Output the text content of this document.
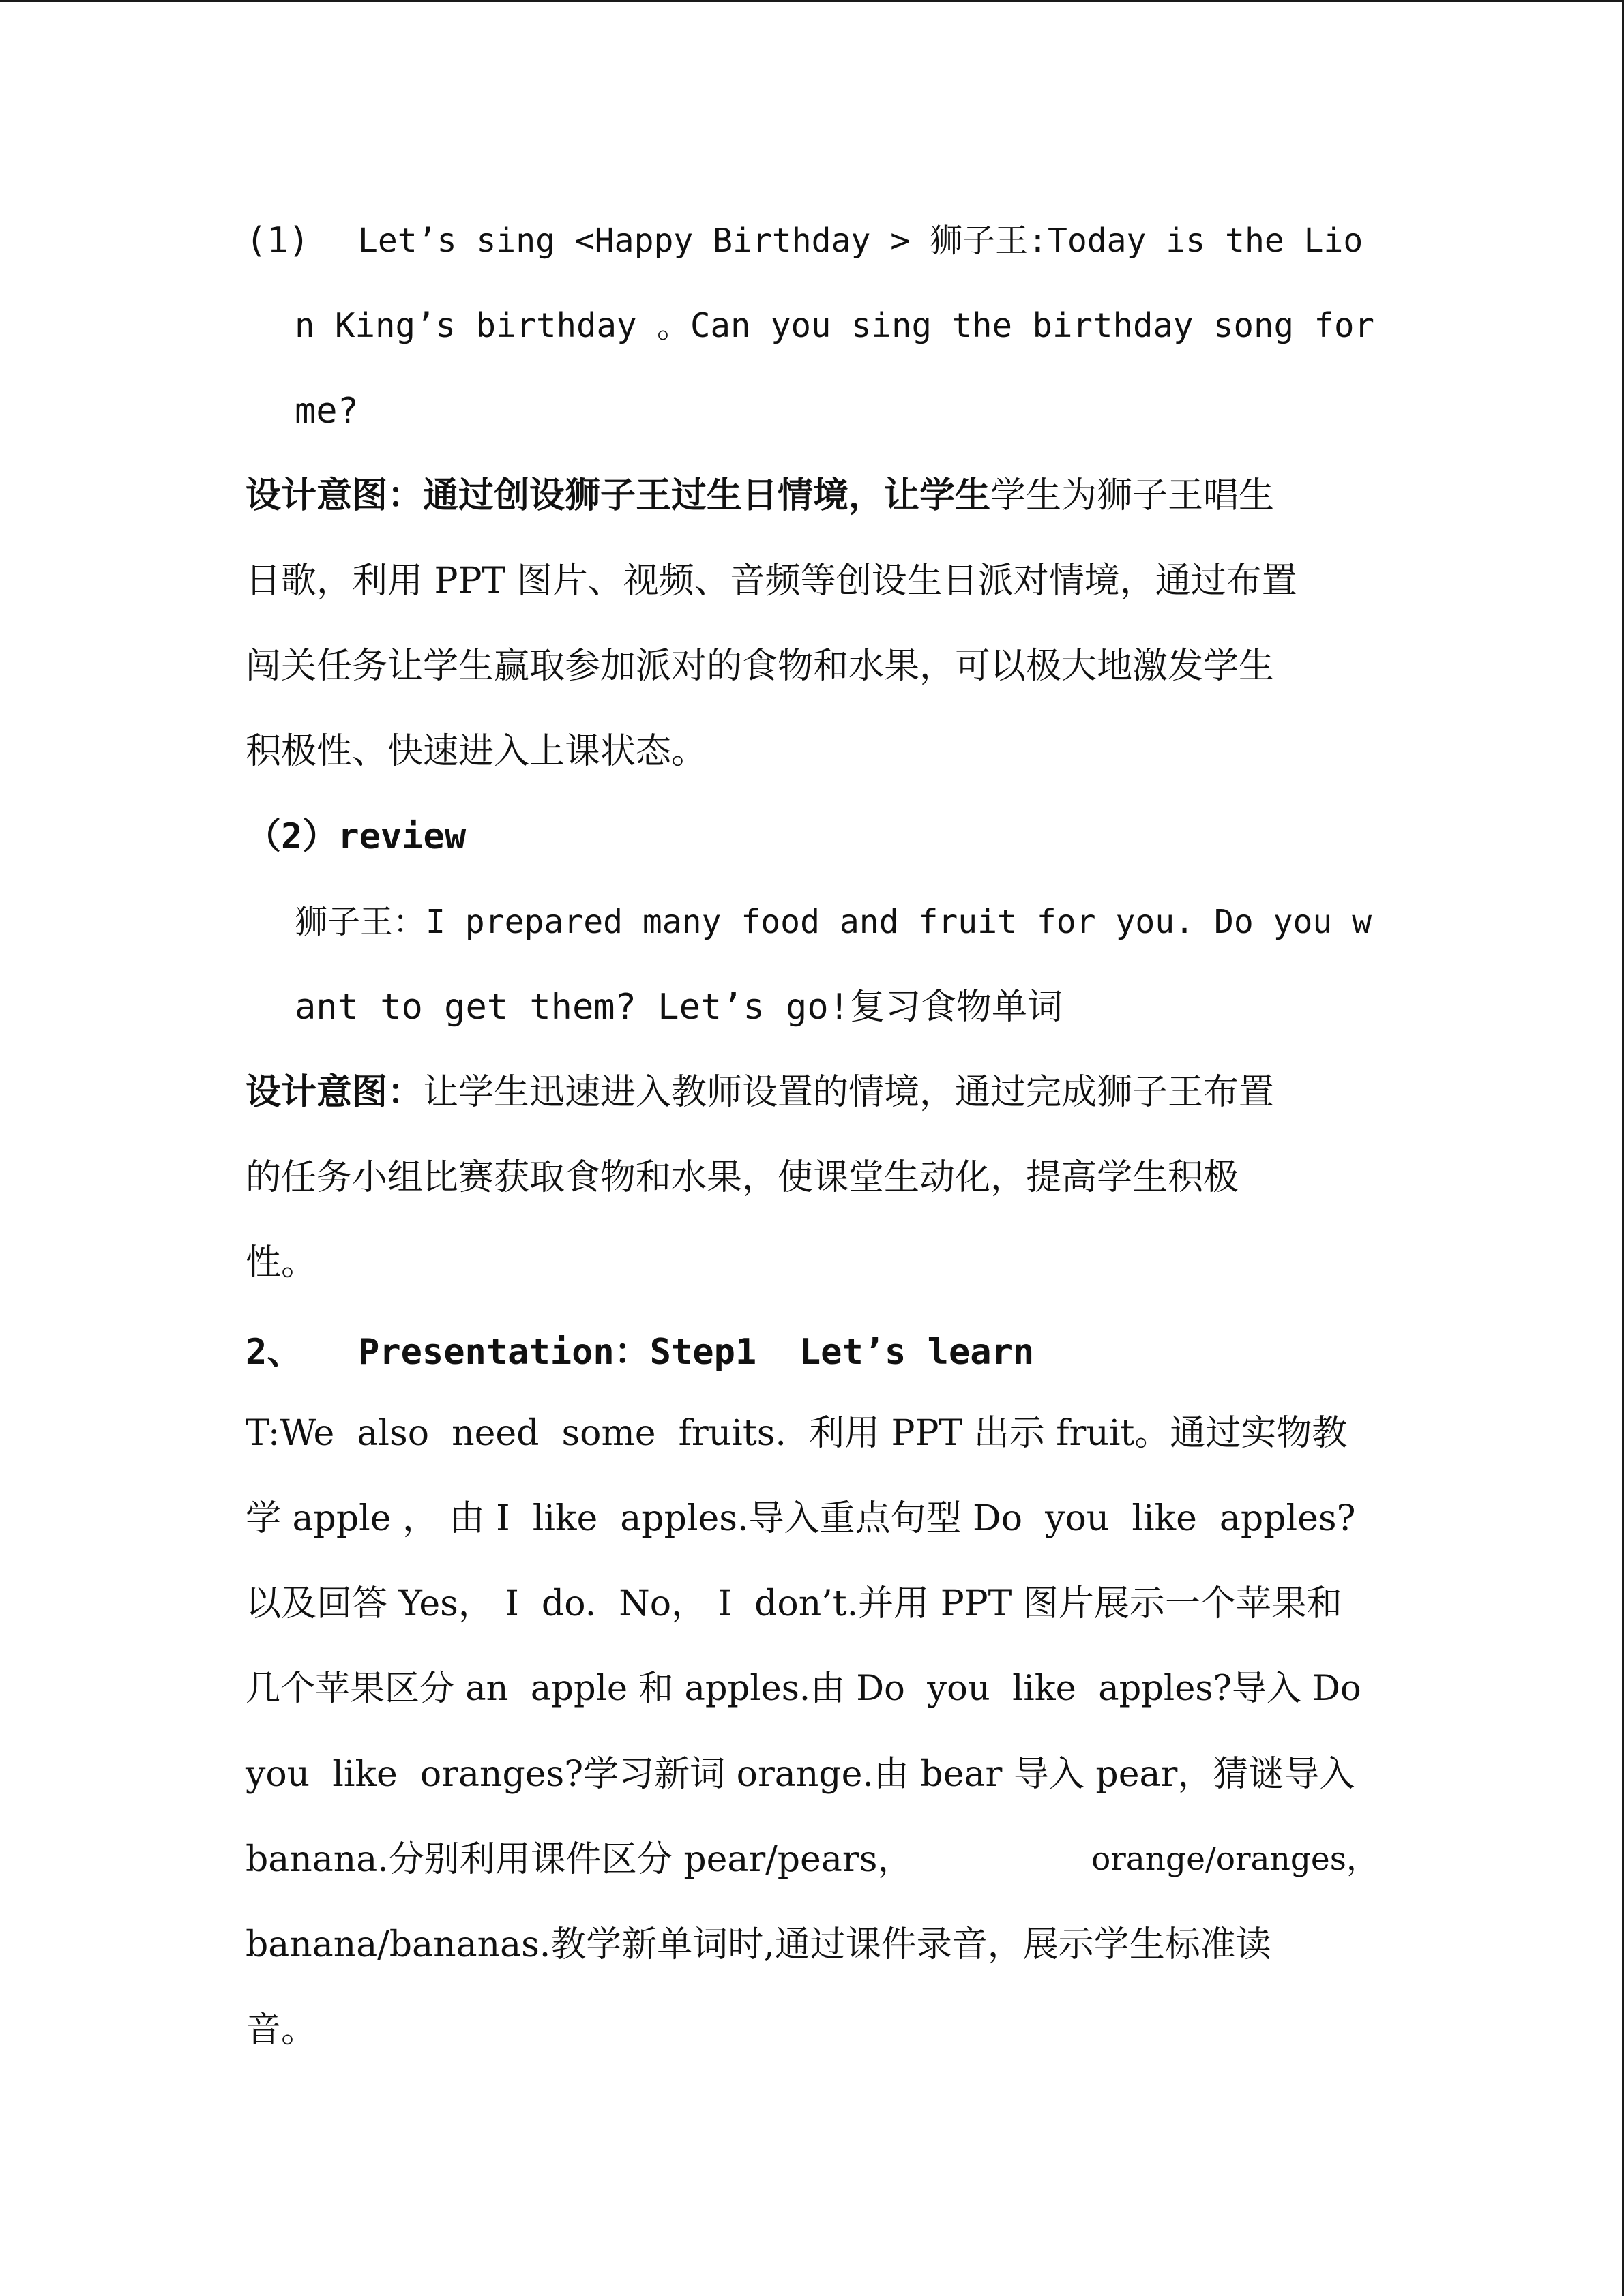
(1) Let’s sing <Happy Birthday > 狮子王:Today is the Lio
n King’s birthday 。Can you sing the birthday song for
me?
设计意图：通过创设狮子王过生日情境，让学生学生为狮子王唱生
日歌，利用 PPT 图片、视频、音频等创设生日派对情境，通过布置
闯关任务让学生赢取参加派对的食物和水果，可以极大地激发学生
积极性、快速进入上课状态。
（2）review
狮子王：I prepared many food and fruit for you. Do you w
ant to get them? Let’s go!复习食物单词
设计意图：让学生迅速进入教师设置的情境，通过完成狮子王布置
的任务小组比赛获取食物和水果，使课堂生动化，提高学生积极
性。
2、 Presentation：Step1  Let’s learn
T:We  also  need  some  fruits.  利用 PPT 出示 fruit。通过实物教
学 apple ， 由 I  like  apples.导入重点句型 Do  you  like  apples?
以及回答 Yes， I  do.  No， I  don’t.并用 PPT 图片展示一个苹果和
几个苹果区分 an  apple 和 apples.由 Do  you  like  apples?导入 Do
you  like  oranges?学习新词 orange.由 bear 导入 pear，猜谜导入
banana.分别利用课件区分 pear/pears，	orange/oranges，
banana/bananas.教学新单词时,通过课件录音，展示学生标准读
音。
